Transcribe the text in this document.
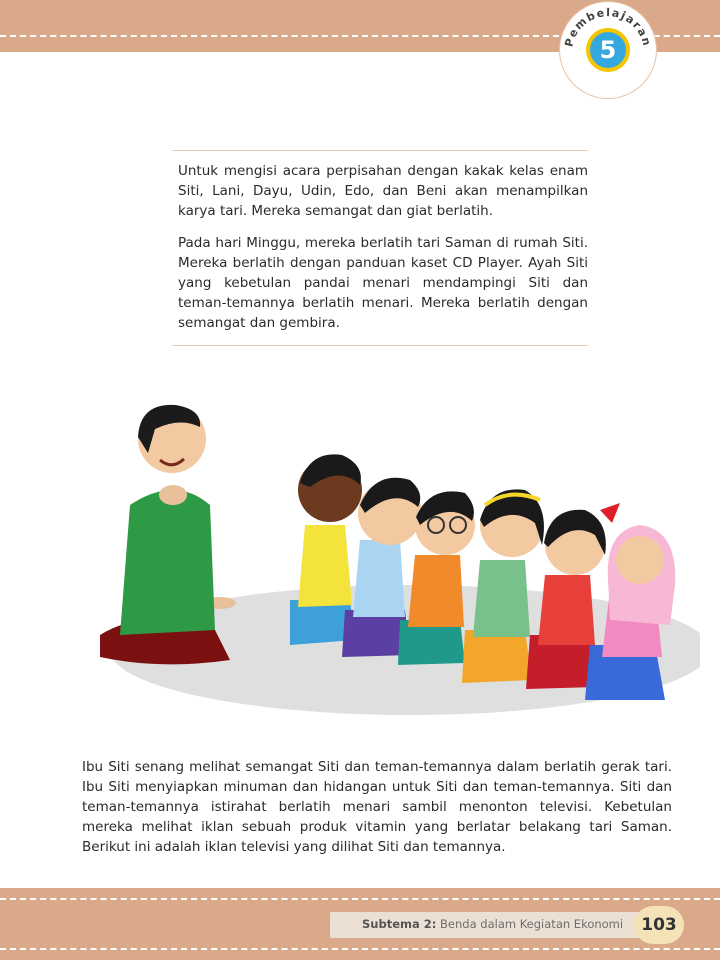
Pembelajaran
5

Untuk mengisi acara perpisahan dengan kakak kelas enam Siti, Lani, Dayu, Udin, Edo, dan Beni akan menampilkan karya tari. Mereka semangat dan giat berlatih.

Pada hari Minggu, mereka berlatih tari Saman di rumah Siti. Mereka berlatih dengan panduan kaset CD Player. Ayah Siti yang kebetulan pandai menari mendampingi Siti dan teman-temannya berlatih menari. Mereka berlatih dengan semangat dan gembira.

Ibu Siti senang melihat semangat Siti dan teman-temannya dalam berlatih gerak tari. Ibu Siti menyiapkan minuman dan hidangan untuk Siti dan teman-temannya. Siti dan teman-temannya istirahat berlatih menari sambil menonton televisi. Kebetulan mereka melihat iklan sebuah produk vitamin yang berlatar belakang tari Saman. Berikut ini adalah iklan televisi yang dilihat Siti dan temannya.

Subtema 2: Benda dalam Kegiatan Ekonomi	103
